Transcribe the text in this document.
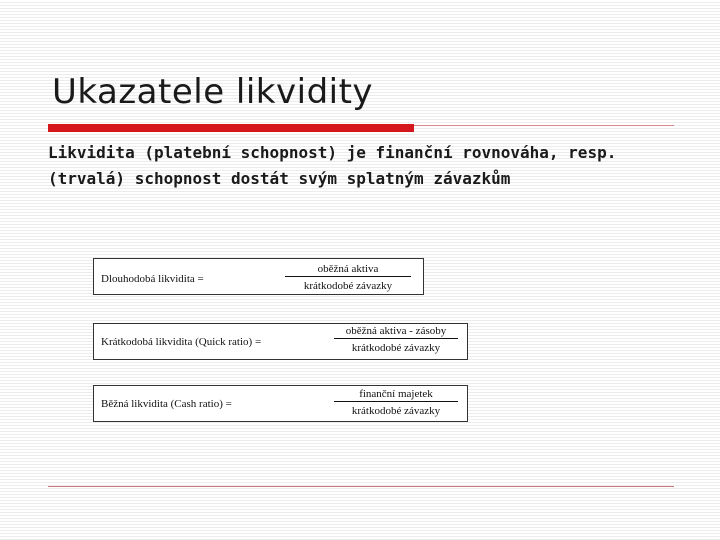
Ukazatele likvidity
Likvidita (platební schopnost) je finanční rovnováha, resp.
(trvalá) schopnost dostát svým splatným závazkům
Dlouhodobá likvidita =
oběžná aktiva
krátkodobé závazky
Krátkodobá likvidita (Quick ratio) =
oběžná aktiva - zásoby
krátkodobé závazky
Běžná likvidita (Cash ratio) =
finanční majetek
krátkodobé závazky
